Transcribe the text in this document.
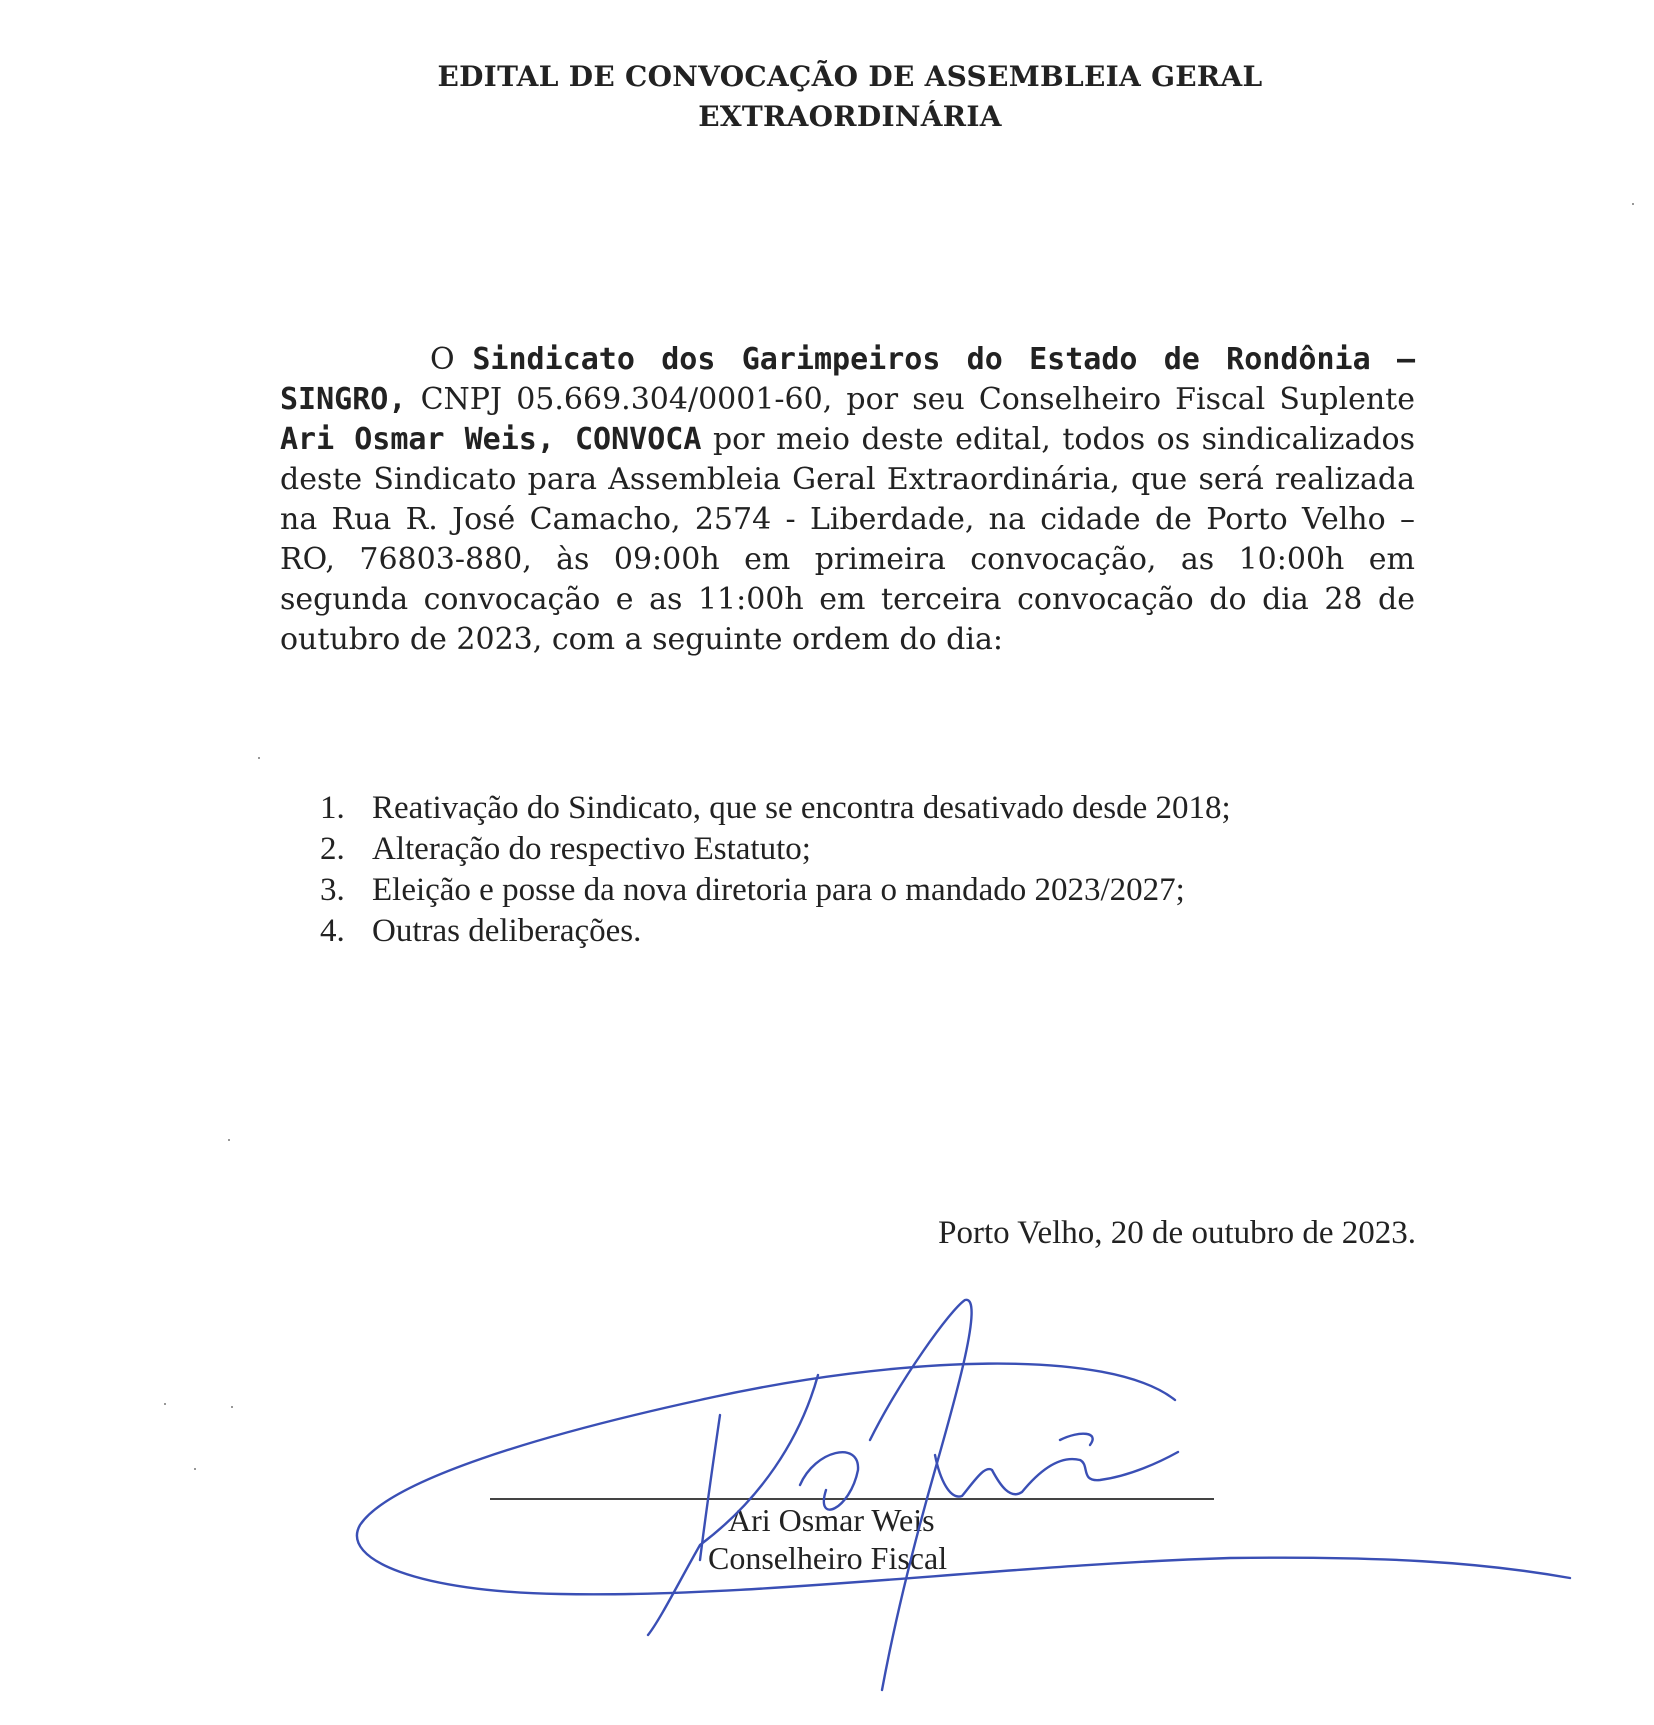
EDITAL DE CONVOCAÇÃO DE ASSEMBLEIA GERAL
EXTRAORDINÁRIA
O Sindicato dos Garimpeiros do Estado de Rondônia – SINGRO, CNPJ 05.669.304/0001-60, por seu Conselheiro Fiscal Suplente Ari Osmar Weis, CONVOCA por meio deste edital, todos os sindicalizados deste Sindicato para Assembleia Geral Extraordinária, que será realizada na Rua R. José Camacho, 2574 - Liberdade, na cidade de Porto Velho – RO, 76803-880, às 09:00h em primeira convocação, as 10:00h em segunda convocação e as 11:00h em terceira convocação do dia 28 de outubro de 2023, com a seguinte ordem do dia:
1. Reativação do Sindicato, que se encontra desativado desde 2018;
2. Alteração do respectivo Estatuto;
3. Eleição e posse da nova diretoria para o mandado 2023/2027;
4. Outras deliberações.
Porto Velho, 20 de outubro de 2023.
Ari Osmar Weis
Conselheiro Fiscal
